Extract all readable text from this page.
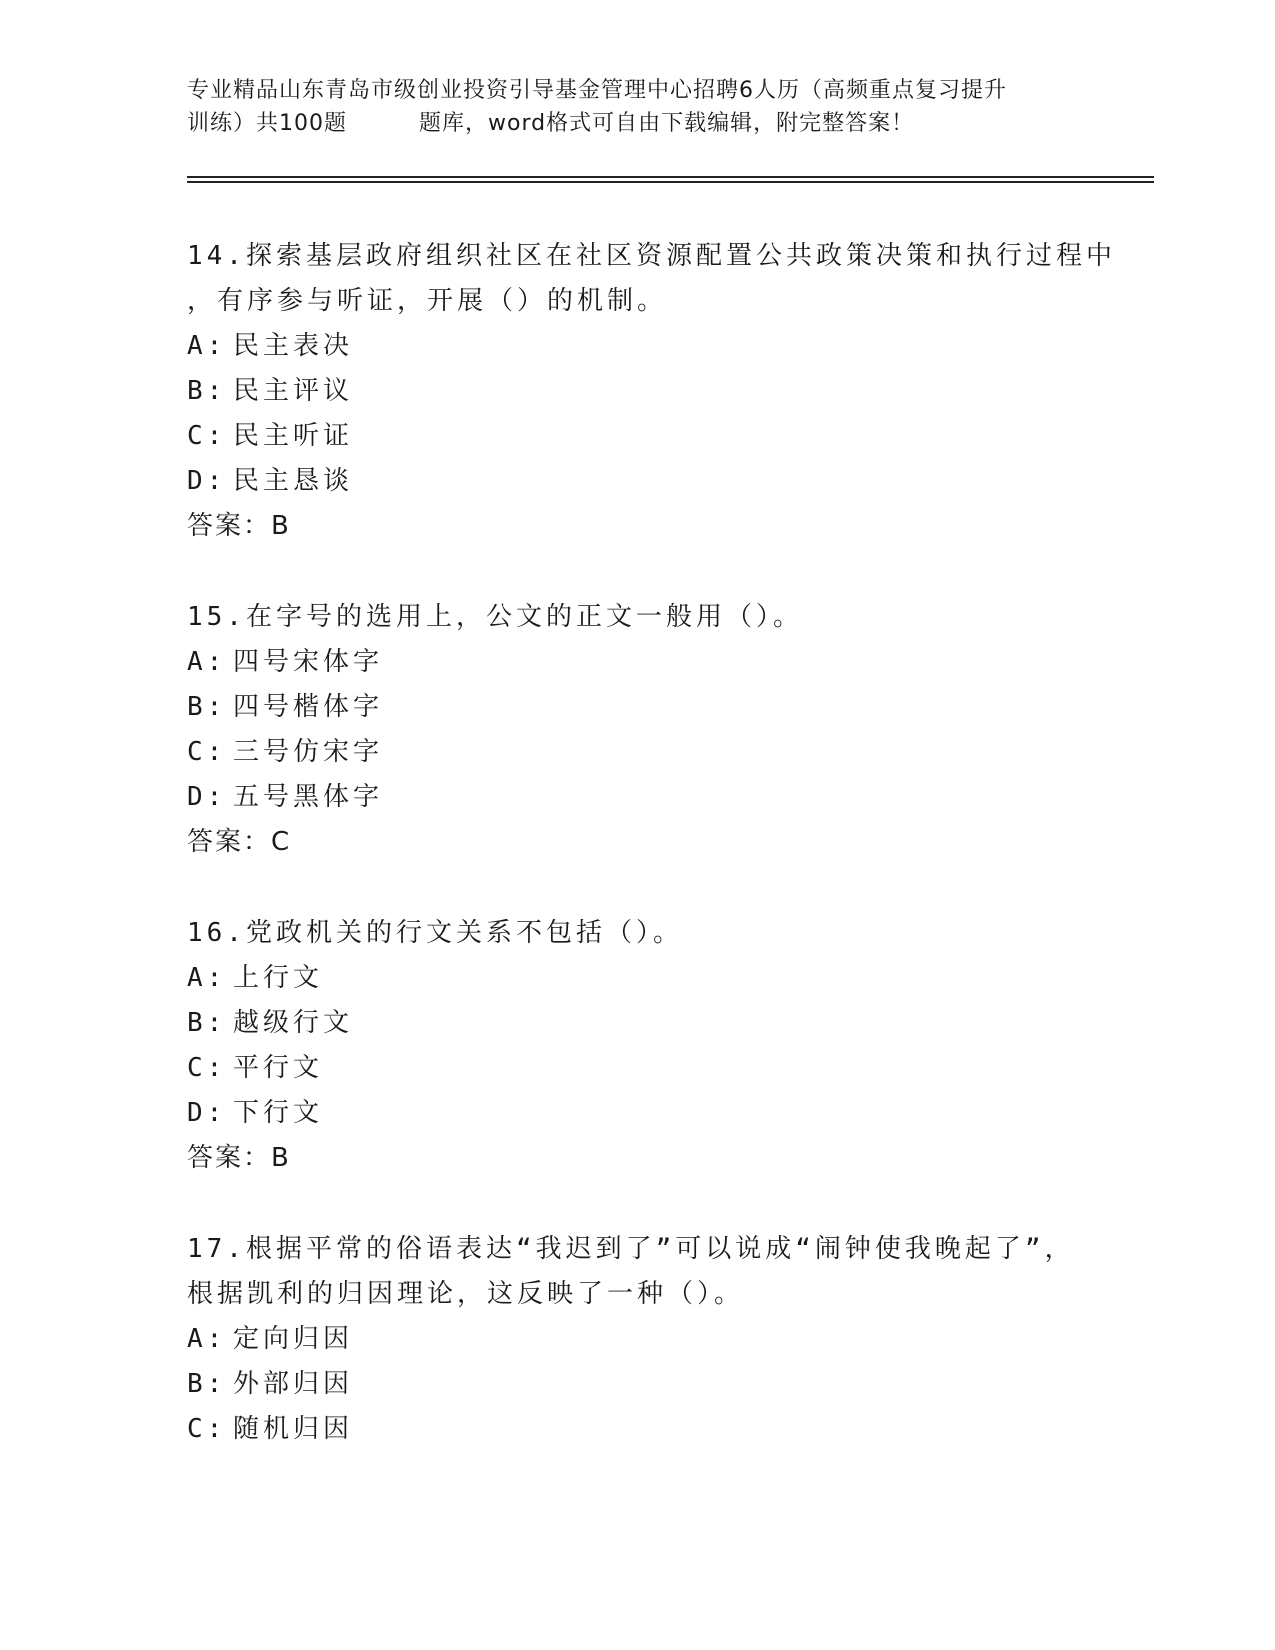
专业精品山东青岛市级创业投资引导基金管理中心招聘6人历（高频重点复习提升
训练）共100题	题库，word格式可自由下载编辑，附完整答案！
14.探索基层政府组织社区在社区资源配置公共政策决策和执行过程中
，有序参与听证，开展（）的机制。
A: 民主表决
B: 民主评议
C: 民主听证
D: 民主恳谈
答案：B
15.在字号的选用上，公文的正文一般用（）。
A: 四号宋体字
B: 四号楷体字
C: 三号仿宋字
D: 五号黑体字
答案：C
16.党政机关的行文关系不包括（）。
A: 上行文
B: 越级行文
C: 平行文
D: 下行文
答案：B
17.根据平常的俗语表达“我迟到了”可以说成“闹钟使我晚起了”，
根据凯利的归因理论，这反映了一种（）。
A: 定向归因
B: 外部归因
C: 随机归因
